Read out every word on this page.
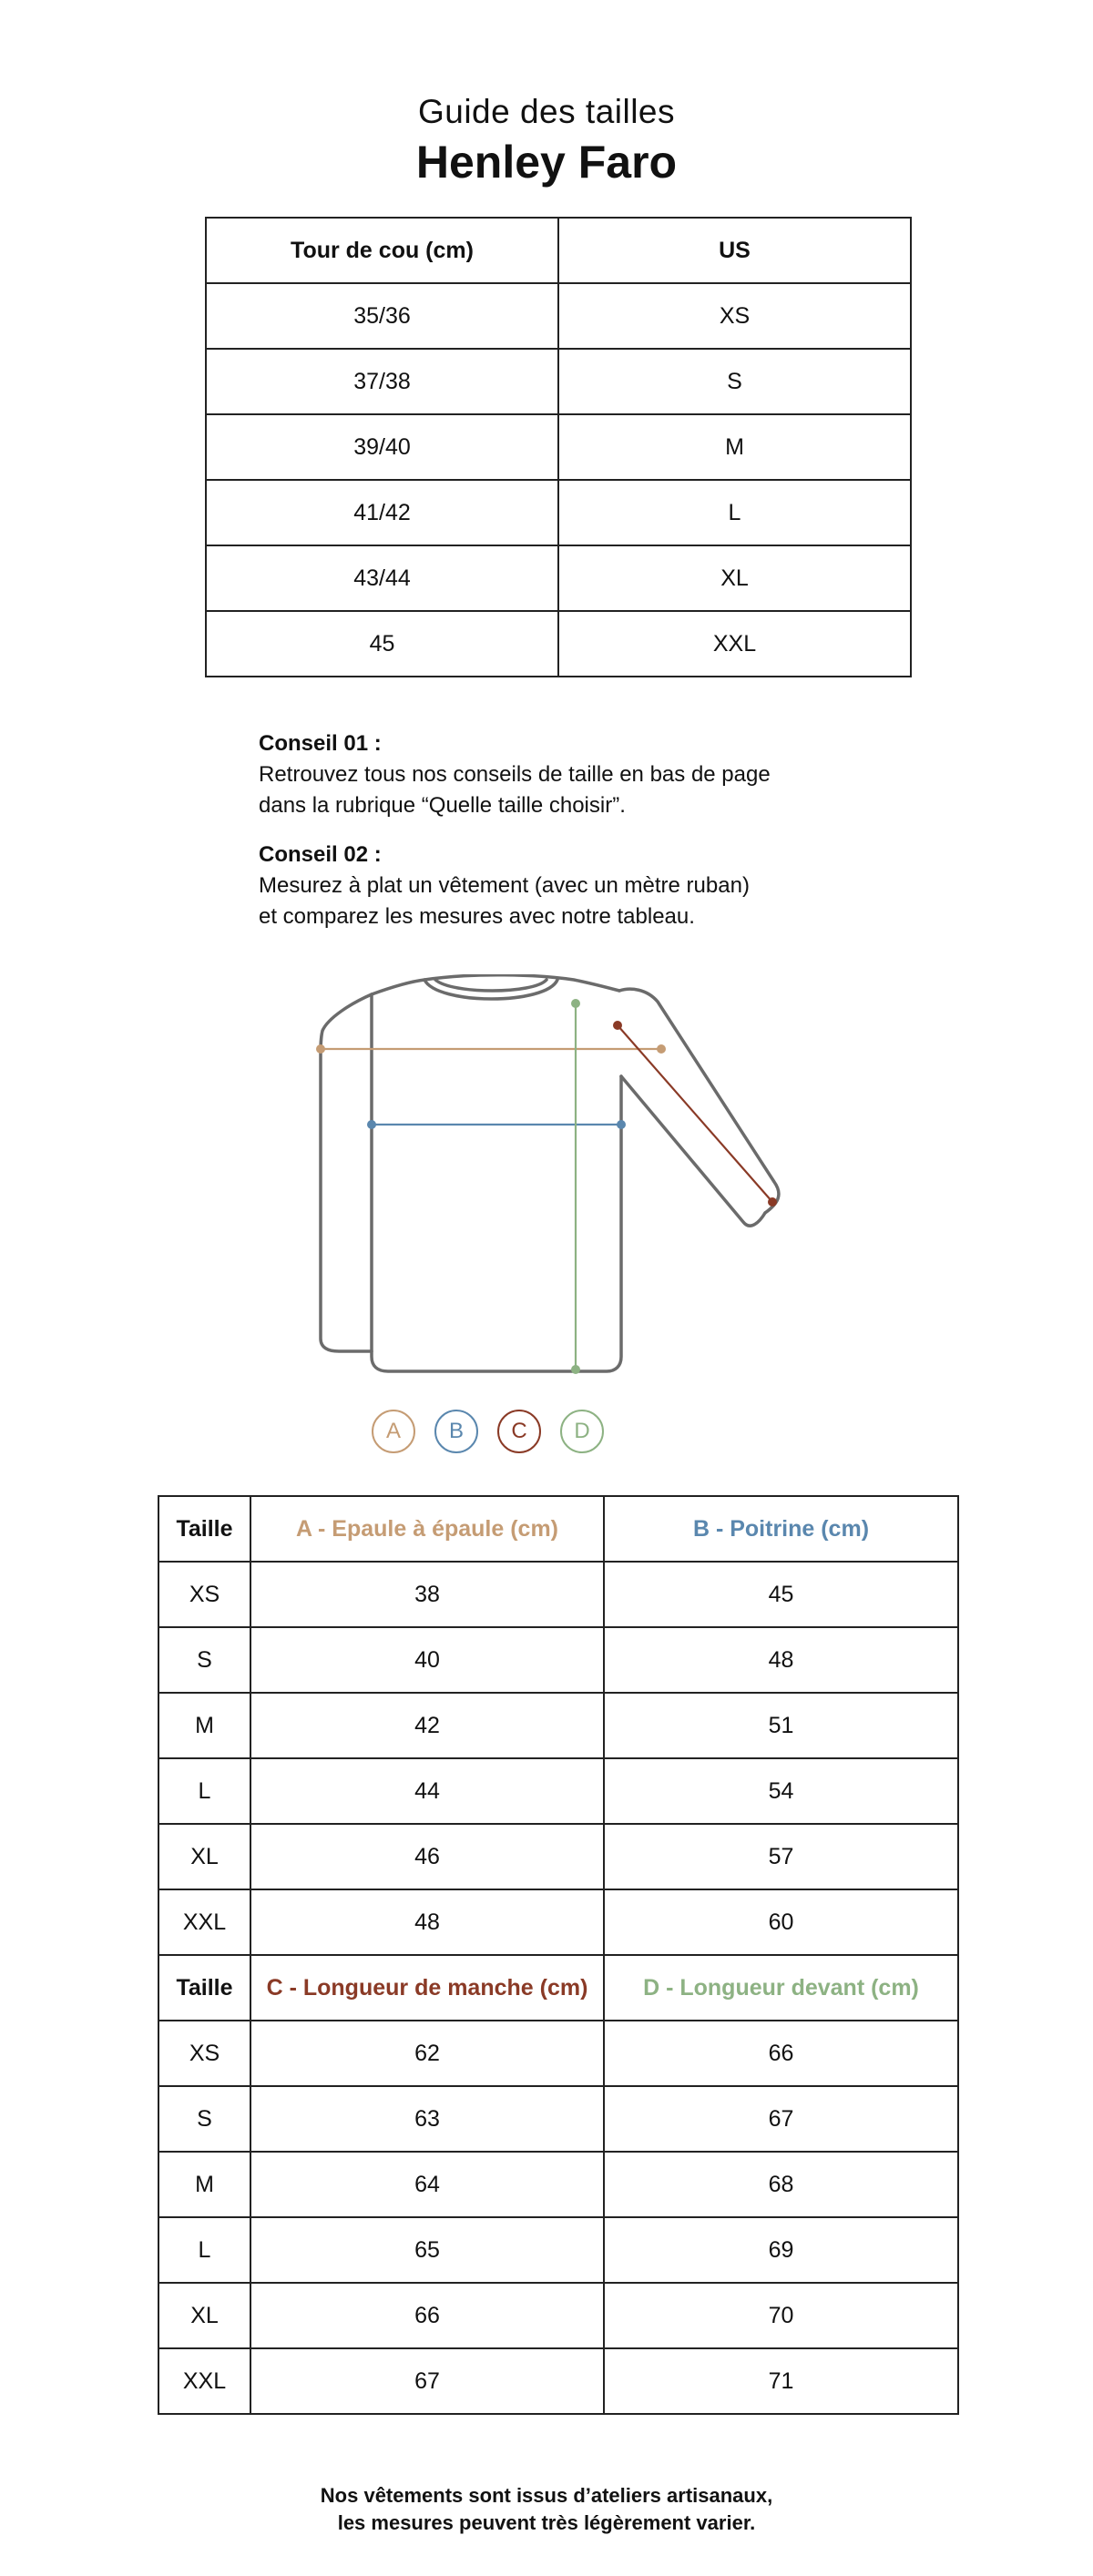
Guide des tailles
Henley Faro
Tour de cou (cm)	US
35/36	XS
37/38	S
39/40	M
41/42	L
43/44	XL
45	XXL
Conseil 01 :
Retrouvez tous nos conseils de taille en bas de page
dans la rubrique “Quelle taille choisir”.
Conseil 02 :
Mesurez à plat un vêtement (avec un mètre ruban)
et comparez les mesures avec notre tableau.
A	B	C	D
Taille	A - Epaule à épaule (cm)	B - Poitrine (cm)
XS	38	45
S	40	48
M	42	51
L	44	54
XL	46	57
XXL	48	60
Taille	C - Longueur de manche (cm)	D - Longueur devant (cm)
XS	62	66
S	63	67
M	64	68
L	65	69
XL	66	70
XXL	67	71
Nos vêtements sont issus d’ateliers artisanaux,
les mesures peuvent très légèrement varier.
